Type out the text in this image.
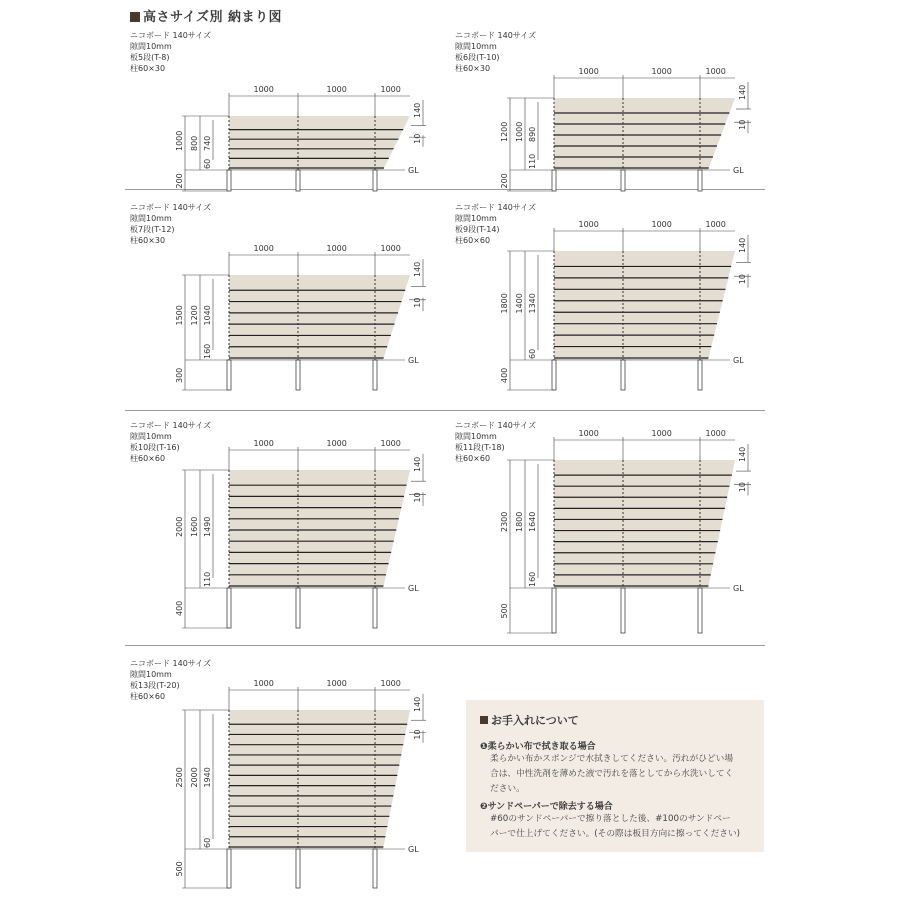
高さサイズ別 納まり図
ニコボード 140サイズ
隙間10mm
板5段(T-8)
柱60×30
1000	1000	1000
GL
1000 800 740
60
200
140
10
ニコボード 140サイズ
隙間10mm
板6段(T-10)
柱60×30	1000	1000	1000
GL
1200 1000 890
110
200
140
10
ニコボード 140サイズ
隙間10mm
板7段(T-12)
柱60×30
1000	1000	1000
GL
1500 1200 1040
160
300
140
10
ニコボード 140サイズ
隙間10mm
板9段(T-14)
柱60×60
1000	1000	1000
GL
1800 1400 1340
60
400
140
10
ニコボード 140サイズ
隙間10mm
板10段(T-16)
柱60×60
1000	1000	1000
GL
2000 1600 1490
110
400
140
10
ニコボード 140サイズ
隙間10mm
板11段(T-18)
柱60×60
1000	1000	1000
GL
2300 1800 1640
160
500
140
10
ニコボード 140サイズ
隙間10mm
板13段(T-20)
柱60×60
1000	1000	1000
GL
2500 2000 1940
60
500
140
10
お手入れについて
❶柔らかい布で拭き取る場合
柔らかい布かスポンジで水拭きしてください。汚れがひどい場
合は、中性洗剤を薄めた液で汚れを落としてから水洗いしてく
ださい。
❷サンドペーパーで除去する場合
#60のサンドペーパーで擦り落とした後、#100のサンドペー
パーで仕上げてください。(その際は板目方向に擦ってください)
